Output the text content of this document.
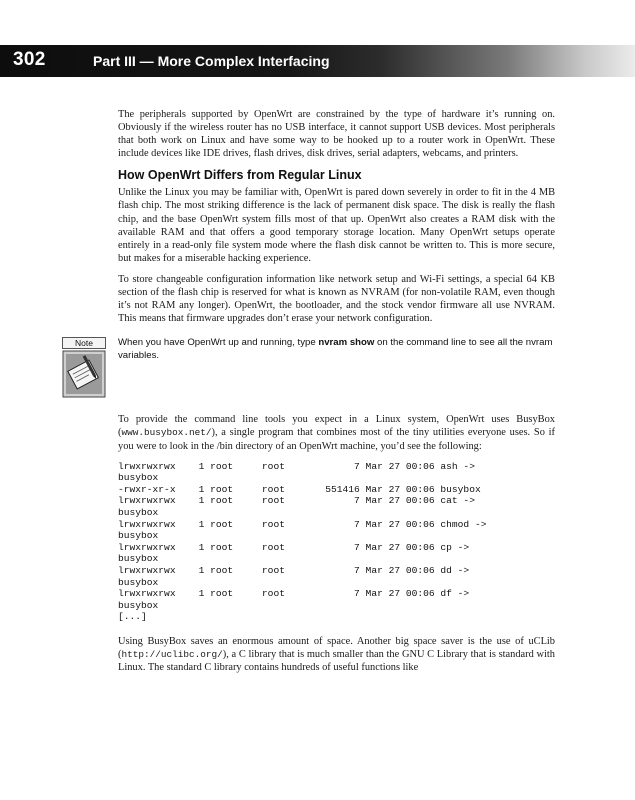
302	Part III — More Complex Interfacing

The peripherals supported by OpenWrt are constrained by the type of hardware it’s running on. Obviously if the wireless router has no USB interface, it cannot support USB devices. Most peripherals that both work on Linux and have some way to be hooked up to a router work in OpenWrt. These include devices like IDE drives, flash drives, disk drives, serial adapters, webcams, and printers.

How OpenWrt Differs from Regular Linux

Unlike the Linux you may be familiar with, OpenWrt is pared down severely in order to fit in the 4 MB flash chip. The most striking difference is the lack of permanent disk space. The disk is really the flash chip, and the base OpenWrt system fills most of that up. OpenWrt also creates a RAM disk with the available RAM and that offers a good temporary storage location. Many OpenWrt setups operate entirely in a read-only file system mode where the flash disk cannot be written to. This is more secure, but makes for a miserable hacking experience.

To store changeable configuration information like network setup and Wi-Fi settings, a special 64 KB section of the flash chip is reserved for what is known as NVRAM (for non-volatile RAM, even though it’s not RAM any longer). OpenWrt, the bootloader, and the stock vendor firmware all use NVRAM. This means that firmware upgrades don’t erase your network configuration.

Note	When you have OpenWrt up and running, type nvram show on the command line to see all the nvram variables.

To provide the command line tools you expect in a Linux system, OpenWrt uses BusyBox (www.busybox.net/), a single program that combines most of the tiny utilities everyone uses. So if you were to look in the /bin directory of an OpenWrt machine, you’d see the following:

lrwxrwxrwx    1 root     root            7 Mar 27 00:06 ash ->
busybox
-rwxr-xr-x    1 root     root       551416 Mar 27 00:06 busybox
lrwxrwxrwx    1 root     root            7 Mar 27 00:06 cat ->
busybox
lrwxrwxrwx    1 root     root            7 Mar 27 00:06 chmod ->
busybox
lrwxrwxrwx    1 root     root            7 Mar 27 00:06 cp ->
busybox
lrwxrwxrwx    1 root     root            7 Mar 27 00:06 dd ->
busybox
lrwxrwxrwx    1 root     root            7 Mar 27 00:06 df ->
busybox
[...]

Using BusyBox saves an enormous amount of space. Another big space saver is the use of uCLib (http://uclibc.org/), a C library that is much smaller than the GNU C Library that is standard with Linux. The standard C library contains hundreds of useful functions like
